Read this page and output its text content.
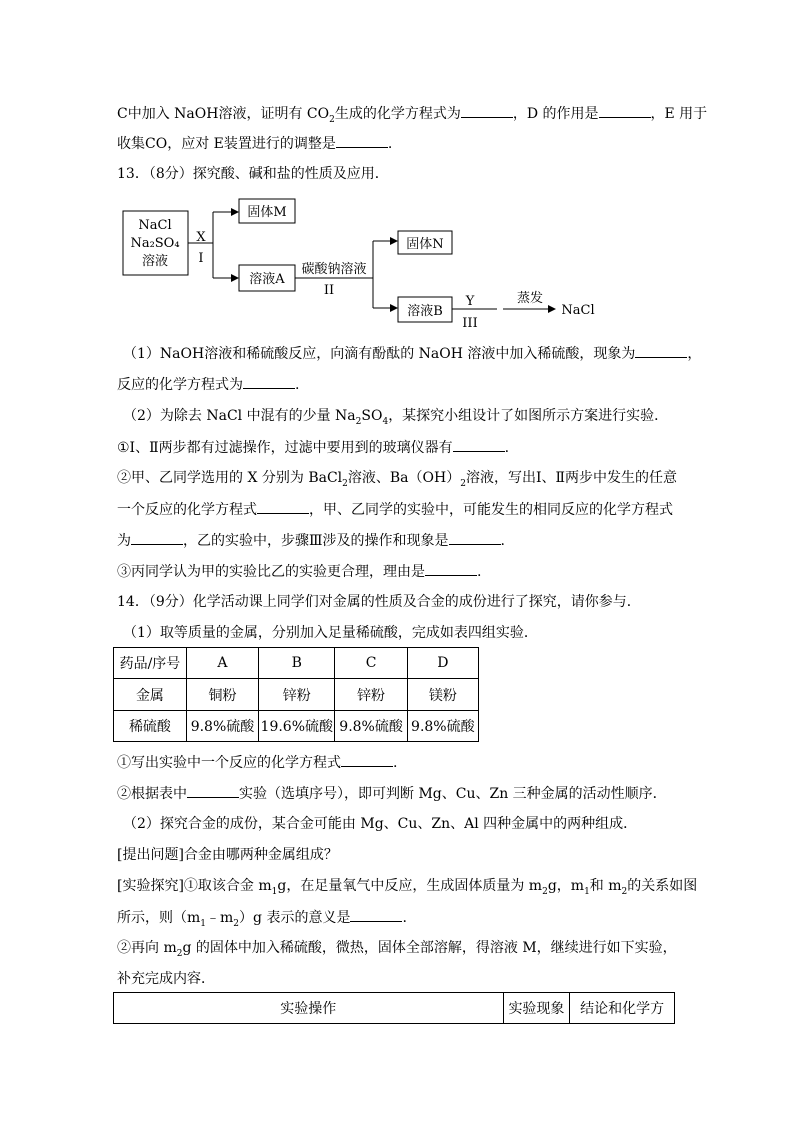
C中加入 NaOH溶液，证明有 $CO_2$生成的化学方程式为	，D 的作用是	，E 用于
收集CO，应对 E装置进行的调整是	.
13．（8分）探究酸、碱和盐的性质及应用．
NaCl
Na₂SO₄
溶液
X
I
固体M
溶液A
碳酸钠溶液
II
固体N
溶液B
Y
III
蒸发
NaCl
（1）NaOH溶液和稀硫酸反应，向滴有酚酞的 NaOH 溶液中加入稀硫酸，现象为	，
反应的化学方程式为	.
（2）为除去 NaCl 中混有的少量 $Na_2SO_4$，某探究小组设计了如图所示方案进行实验．
①Ⅰ、Ⅱ两步都有过滤操作，过滤中要用到的玻璃仪器有	.
②甲、乙同学选用的 X 分别为 BaCl$_2$溶液、$Ba(OH)_2$溶液，写出Ⅰ、Ⅱ两步中发生的任意
一个反应的化学方程式	，甲、乙同学的实验中，可能发生的相同反应的化学方程式
为	，乙的实验中，步骤Ⅲ涉及的操作和现象是	.
③丙同学认为甲的实验比乙的实验更合理，理由是	.
14．（9分）化学活动课上同学们对金属的性质及合金的成份进行了探究，请你参与．
（1）取等质量的金属，分别加入足量稀硫酸，完成如表四组实验．
药品/序号	A	B	C	D
金属	铜粉	锌粉	锌粉	镁粉
稀硫酸	9.8%硫酸	19.6%硫酸	9.8%硫酸	9.8%硫酸
①写出实验中一个反应的化学方程式	.
②根据表中	实验（选填序号），即可判断 Mg、Cu、Zn 三种金属的活动性顺序．
（2）探究合金的成份，某合金可能由 Mg、Cu、Zn、Al 四种金属中的两种组成．
[提出问题]合金由哪两种金属组成？
[实验探究]①取该合金 $m_1g$，在足量氧气中反应，生成固体质量为 $m_2g$，$m_1$和 $m_2$的关系如图
所示，则$(m_1﹣m_2)g$ 表示的意义是	.
②再向 $m_2g$ 的固体中加入稀硫酸，微热，固体全部溶解，得溶液 M，继续进行如下实验，
补充完成内容．
实验操作	实验现象	结论和化学方
